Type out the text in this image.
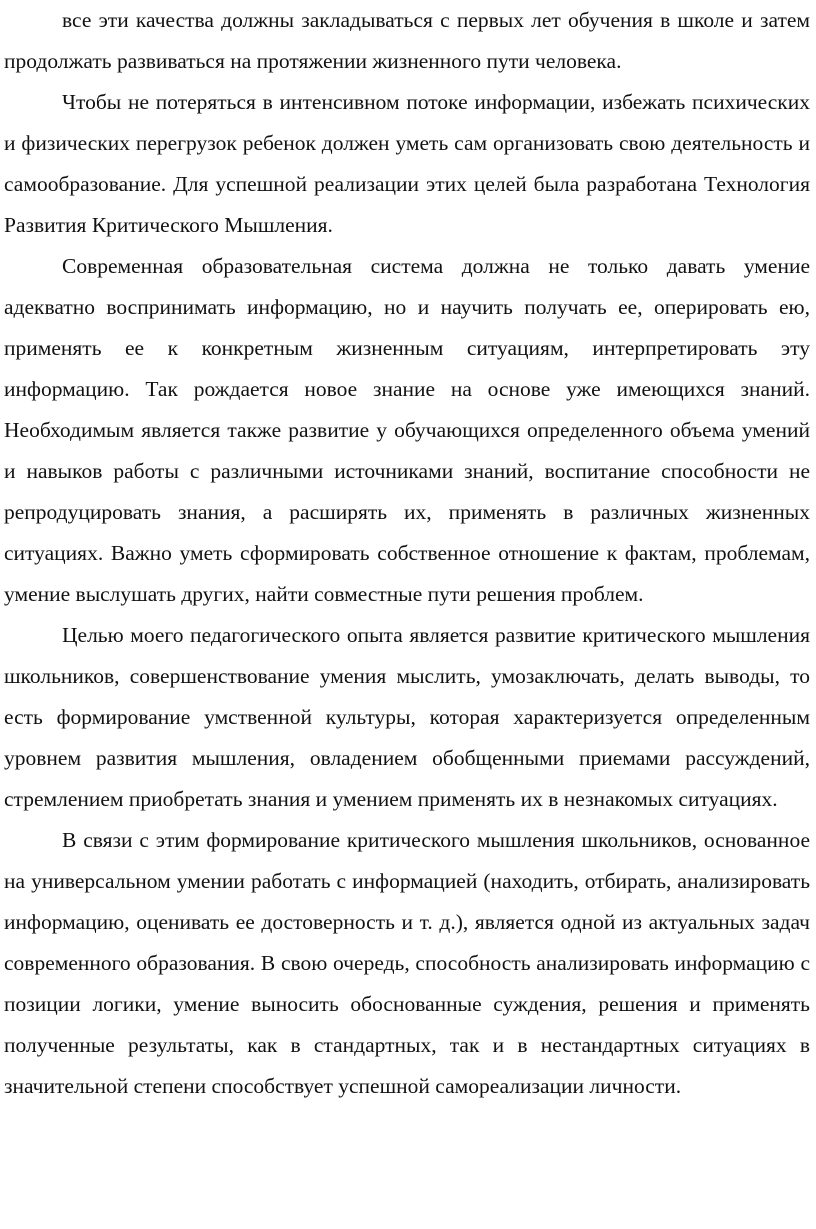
все эти качества должны закладываться с первых лет обучения в школе и затем продолжать развиваться на протяжении жизненного пути человека.

Чтобы не потеряться в интенсивном потоке информации, избежать психических и физических перегрузок ребенок должен уметь сам организовать свою деятельность и самообразование. Для успешной реализации этих целей была разработана Технология Развития Критического Мышления.

Современная образовательная система должна не только давать умение адекватно воспринимать информацию, но и научить получать ее, оперировать ею, применять ее к конкретным жизненным ситуациям, интерпретировать эту информацию. Так рождается новое знание на основе уже имеющихся знаний. Необходимым является также развитие у обучающихся определенного объема умений и навыков работы с различными источниками знаний, воспитание способности не репродуцировать знания, а расширять их, применять в различных жизненных ситуациях. Важно уметь сформировать собственное отношение к фактам, проблемам, умение выслушать других, найти совместные пути решения проблем.

Целью моего педагогического опыта является развитие критического мышления школьников, совершенствование умения мыслить, умозаключать, делать выводы, то есть формирование умственной культуры, которая характеризуется определенным уровнем развития мышления, овладением обобщенными приемами рассуждений, стремлением приобретать знания и умением применять их в незнакомых ситуациях.

В связи с этим формирование критического мышления школьников, основанное на универсальном умении работать с информацией (находить, отбирать, анализировать информацию, оценивать ее достоверность и т. д.), является одной из актуальных задач современного образования. В свою очередь, способность анализировать информацию с позиции логики, умение выносить обоснованные суждения, решения и применять полученные результаты, как в стандартных, так и в нестандартных ситуациях в значительной степени способствует успешной самореализации личности.
